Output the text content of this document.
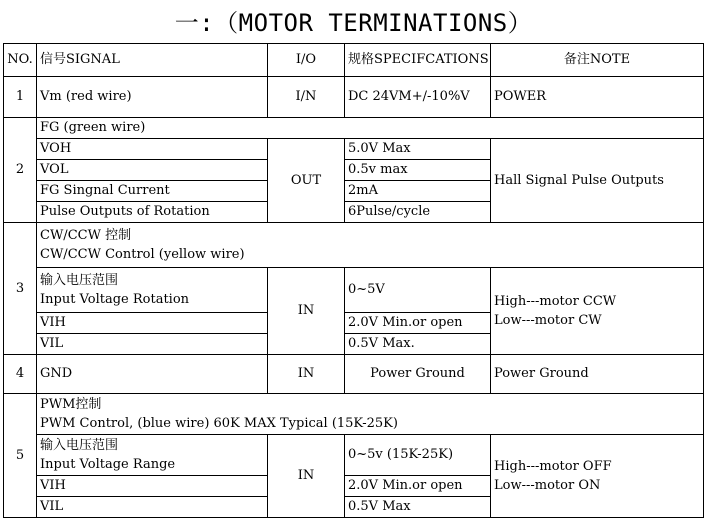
一:（MOTOR TERMINATIONS）
NO.	信号SIGNAL	I/O	规格SPECIFCATIONS	备注NOTE
1	Vm (red wire)	I/N	DC 24VM+/-10%V	POWER
2	FG (green wire)			
	VOH	OUT	5.0V Max	Hall Signal Pulse Outputs
	VOL		0.5v max	
	FG Singnal Current		2mA	
	Pulse Outputs of Rotation		6Pulse/cycle	
3	CW/CCW 控制
CW/CCW Control (yellow wire)			

	输入电压范围
Input Voltage Rotation	IN	0~5V	High---motor CCW
Low---motor CW

	VIH		2.0V Min.or open	
	VIL		0.5V Max.	
4	GND	IN	Power Ground	Power Ground
5	PWM控制
PWM Control, (blue wire) 60K MAX Typical (15K-25K)			

	输入电压范围
Input Voltage Range	IN	0~5v (15K-25K)	High---motor OFF
Low---motor ON

	VIH		2.0V Min.or open	
	VIL		0.5V Max	
